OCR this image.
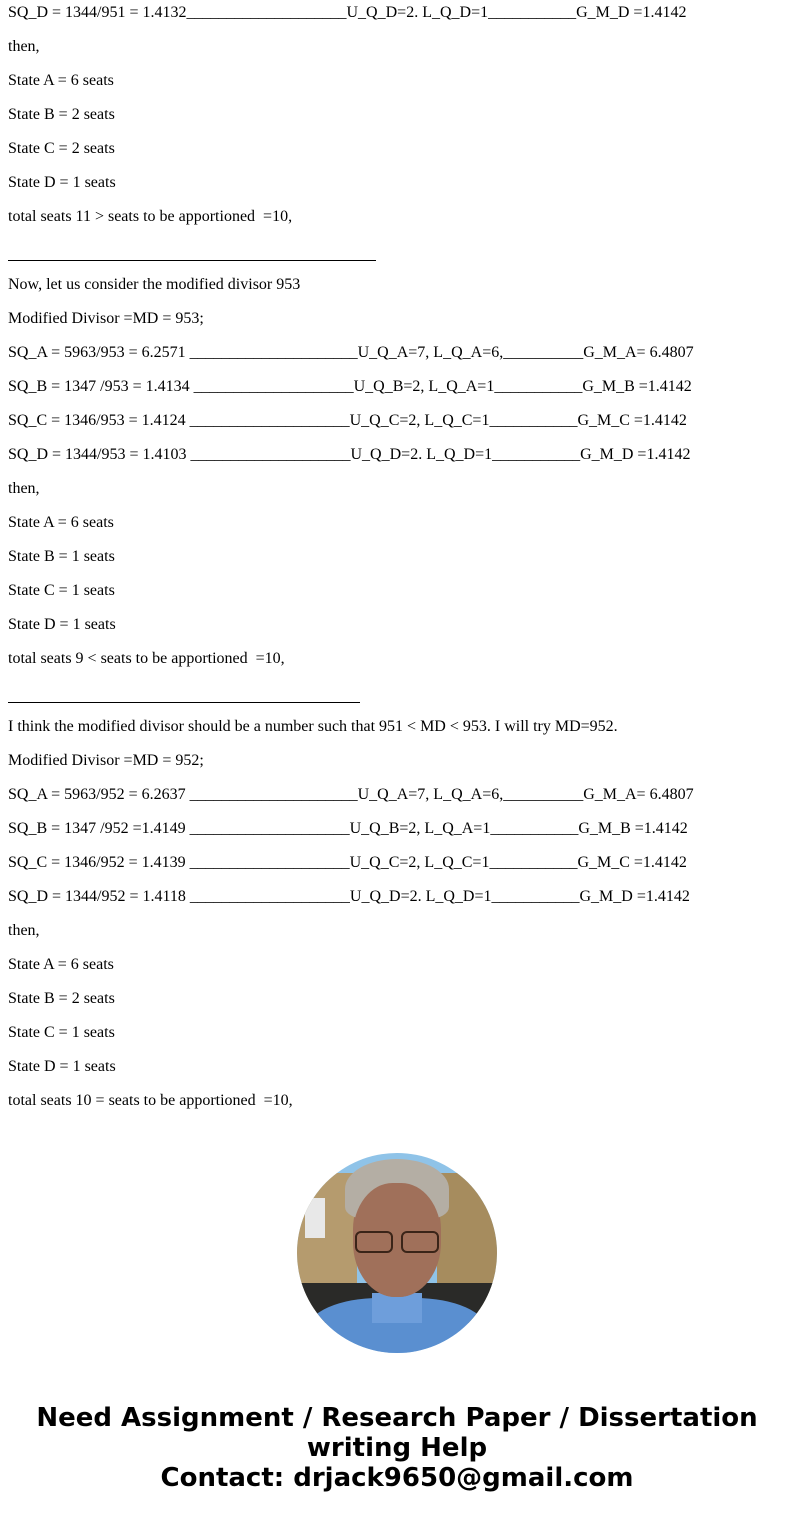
SQ_D = 1344/951 = 1.4132____________________U_Q_D=2. L_Q_D=1___________G_M_D =1.4142

then,

State A = 6 seats

State B = 2 seats

State C = 2 seats

State D = 1 seats

total seats 11 > seats to be apportioned  =10,

Now, let us consider the modified divisor 953

Modified Divisor =MD = 953;

SQ_A = 5963/953 = 6.2571 _____________________U_Q_A=7, L_Q_A=6,__________G_M_A= 6.4807

SQ_B = 1347 /953 = 1.4134 ____________________U_Q_B=2, L_Q_A=1___________G_M_B =1.4142

SQ_C = 1346/953 = 1.4124 ____________________U_Q_C=2, L_Q_C=1___________G_M_C =1.4142

SQ_D = 1344/953 = 1.4103 ____________________U_Q_D=2. L_Q_D=1___________G_M_D =1.4142

then,

State A = 6 seats

State B = 1 seats

State C = 1 seats

State D = 1 seats

total seats 9 < seats to be apportioned  =10,

I think the modified divisor should be a number such that 951 < MD < 953. I will try MD=952.

Modified Divisor =MD = 952;

SQ_A = 5963/952 = 6.2637 _____________________U_Q_A=7, L_Q_A=6,__________G_M_A= 6.4807

SQ_B = 1347 /952 =1.4149 ____________________U_Q_B=2, L_Q_A=1___________G_M_B =1.4142

SQ_C = 1346/952 = 1.4139 ____________________U_Q_C=2, L_Q_C=1___________G_M_C =1.4142

SQ_D = 1344/952 = 1.4118 ____________________U_Q_D=2. L_Q_D=1___________G_M_D =1.4142

then,

State A = 6 seats

State B = 2 seats

State C = 1 seats

State D = 1 seats

total seats 10 = seats to be apportioned  =10,

Need Assignment / Research Paper / Dissertation
writing Help
Contact: drjack9650@gmail.com
